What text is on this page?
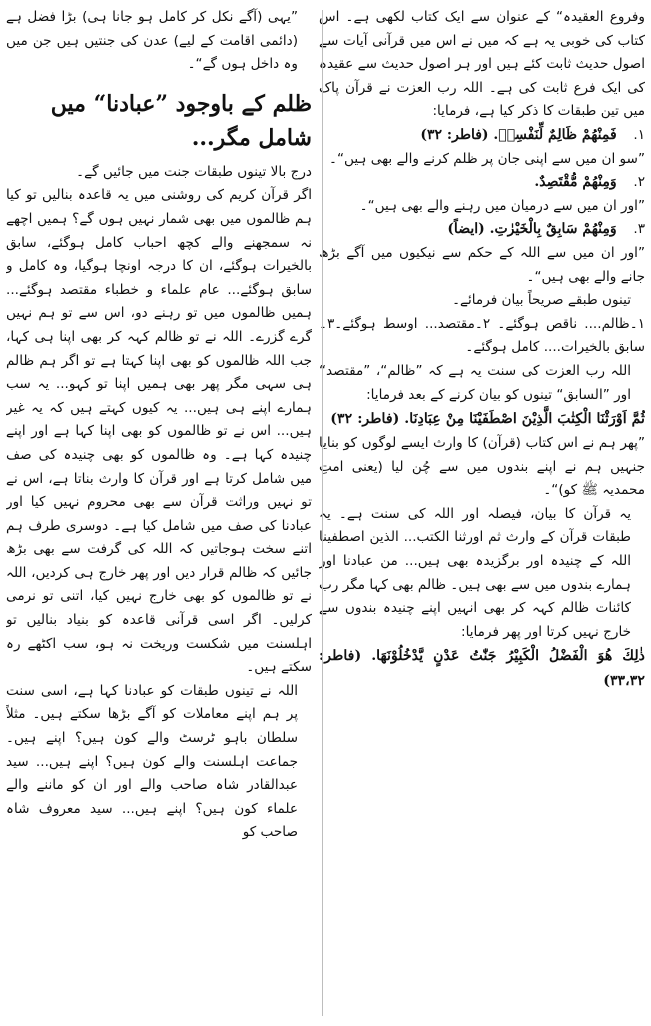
وفروع العقیدہ“ کے عنوان سے ایک کتاب لکھی ہے۔ اس کتاب کی خوبی یہ ہے کہ میں نے اس میں قرآنی آیات سے اصول حدیث ثابت کئے ہیں اور ہر اصول حدیث سے عقیدہ کی ایک فرع ثابت کی ہے۔ اللہ رب العزت نے قرآن پاک میں تین طبقات کا ذکر کیا ہے، فرمایا:

۱. فَمِنْهُمْ ظَالِمٌ لِّنَفْسِهٖ. (فاطر: ۳۲)

”سو ان میں سے اپنی جان پر ظلم کرنے والے بھی ہیں“۔

۲. وَمِنْهُمْ مُّقْتَصِدٌ.

”اور ان میں سے درمیان میں رہنے والے بھی ہیں“۔

۳. وَمِنْهُمْ سَابِقٌ بِالْخَيْرٰتِ. (ایضاً)

”اور ان میں سے اللہ کے حکم سے نیکیوں میں آگے بڑھ جانے والے بھی ہیں“۔

تینوں طبقے صریحاً بیان فرمائے۔

۱۔ظالم.... ناقص ہوگئے۔ ۲۔مقتصد... اوسط ہوگئے۔۳۔سابق بالخیرات.... کامل ہوگئے۔

اللہ رب العزت کی سنت یہ ہے کہ ”ظالم“، ”مقتصد“ اور ”السابق“ تینوں کو بیان کرنے کے بعد فرمایا:

ثُمَّ اَوْرَثْنَا الْكِتٰبَ الَّذِيْنَ اصْطَفَيْنَا مِنْ عِبَادِنَا. (فاطر: ۳۲)

”پھر ہم نے اس کتاب (قرآن) کا وارث ایسے لوگوں کو بنایا جنہیں ہم نے اپنے بندوں میں سے چُن لیا (یعنی امتِ محمدیہ ﷺ کو)“۔

یہ قرآن کا بیان، فیصلہ اور اللہ کی سنت ہے۔ یہ طبقات قرآن کے وارث ثم اورثنا الکتب... الذین اصطفینا اللہ کے چنیدہ اور برگزیدہ بھی ہیں... من عبادنا اور ہمارے بندوں میں سے بھی ہیں۔ ظالم بھی کہا مگر رب کائنات ظالم کہہ کر بھی انہیں اپنے چنیدہ بندوں سے خارج نہیں کرتا اور پھر فرمایا:

ذٰلِكَ هُوَ الْفَضْلُ الْكَبِيْرُ جَنّٰتُ عَدْنٍ يَّدْخُلُوْنَهَا. (فاطر: ۳۳،۳۲)

”یہی (آگے نکل کر کامل ہو جانا ہی) بڑا فضل ہے (دائمی اقامت کے لیے) عدن کی جنتیں ہیں جن میں وہ داخل ہوں گے“۔

ظلم کے باوجود ”عبادنا“ میں شامل مگر...

درج بالا تینوں طبقات جنت میں جائیں گے۔

اگر قرآن کریم کی روشنی میں یہ قاعدہ بنالیں تو کیا ہم ظالموں میں بھی شمار نہیں ہوں گے؟ ہمیں اچھے نہ سمجھنے والے کچھ احباب کامل ہوگئے، سابق بالخیرات ہوگئے، ان کا درجہ اونچا ہوگیا، وہ کامل و سابق ہوگئے... عام علماء و خطباء مقتصد ہوگئے... ہمیں ظالموں میں تو رہنے دو، اس سے تو ہم نہیں گرے گزرے۔ اللہ نے تو ظالم کہہ کر بھی اپنا ہی کہا، جب اللہ ظالموں کو بھی اپنا کہتا ہے تو اگر ہم ظالم ہی سہی مگر پھر بھی ہمیں اپنا تو کہو... یہ سب ہمارے اپنے ہی ہیں... یہ کیوں کہتے ہیں کہ یہ غیر ہیں... اس نے تو ظالموں کو بھی اپنا کہا ہے اور اپنے چنیدہ کہا ہے۔ وہ ظالموں کو بھی چنیدہ کی صف میں شامل کرتا ہے اور قرآن کا وارث بناتا ہے، اس نے تو نہیں وراثت قرآن سے بھی محروم نہیں کیا اور عبادنا کی صف میں شامل کیا ہے۔ دوسری طرف ہم اتنے سخت ہوجاتیں کہ اللہ کی گرفت سے بھی بڑھ جائیں کہ ظالم قرار دیں اور پھر خارج ہی کردیں، اللہ نے تو ظالموں کو بھی خارج نہیں کیا، اتنی تو نرمی کرلیں۔ اگر اسی قرآنی قاعدہ کو بنیاد بنالیں تو اہلسنت میں شکست وریخت نہ ہو، سب اکٹھے رہ سکتے ہیں۔

اللہ نے تینوں طبقات کو عبادنا کہا ہے، اسی سنت پر ہم اپنے معاملات کو آگے بڑھا سکتے ہیں۔ مثلاً سلطان باہو ٹرسٹ والے کون ہیں؟ اپنے ہیں۔ جماعت اہلسنت والے کون ہیں؟ اپنے ہیں... سید عبدالقادر شاہ صاحب والے اور ان کو ماننے والے علماء کون ہیں؟ اپنے ہیں... سید معروف شاہ صاحب کو
